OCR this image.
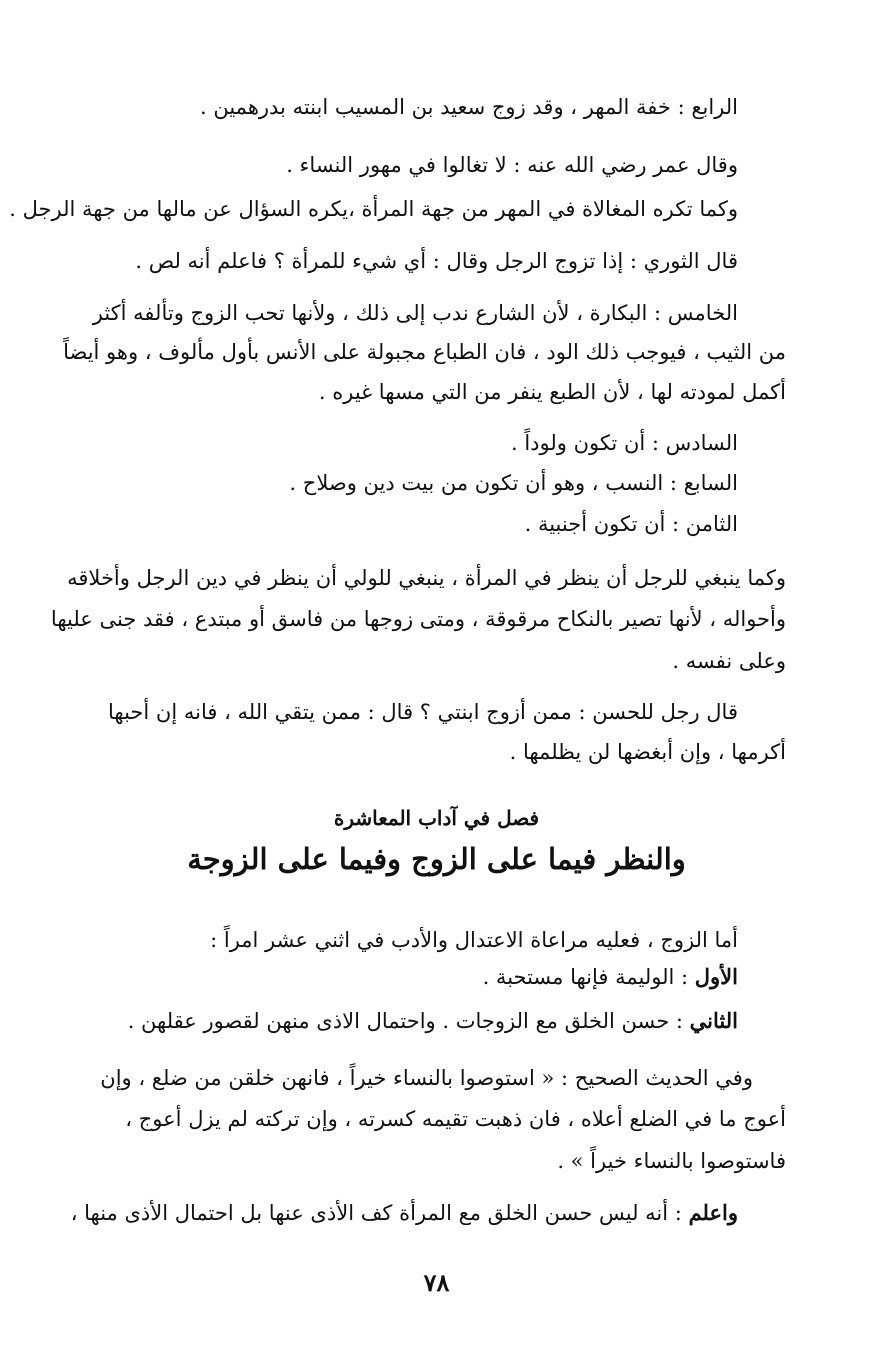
الرابع : خفة المهر ، وقد زوج سعيد بن المسيب ابنته بدرهمين .
وقال عمر رضي الله عنه : لا تغالوا في مهور النساء .
وكما تكره المغالاة في المهر من جهة المرأة ،يكره السؤال عن مالها من جهة الرجل .
قال الثوري : إذا تزوج الرجل وقال : أي شيء للمرأة ؟ فاعلم أنه لص .
الخامس : البكارة ، لأن الشارع ندب إلى ذلك ، ولأنها تحب الزوج وتألفه أكثر
من الثيب ، فيوجب ذلك الود ، فان الطباع مجبولة على الأنس بأول مألوف ، وهو أيضاً
أكمل لمودته لها ، لأن الطبع ينفر من التي مسها غيره .
السادس : أن تكون ولوداً .
السابع : النسب ، وهو أن تكون من بيت دين وصلاح .
الثامن : أن تكون أجنبية .
وكما ينبغي للرجل أن ينظر في المرأة ، ينبغي للولي أن ينظر في دين الرجل وأخلاقه
وأحواله ، لأنها تصير بالنكاح مرقوقة ، ومتى زوجها من فاسق أو مبتدع ، فقد جنى عليها
وعلى نفسه .
قال رجل للحسن : ممن أزوج ابنتي ؟ قال : ممن يتقي الله ، فانه إن أحبها
أكرمها ، وإن أبغضها لن يظلمها .
فصل في آداب المعاشرة
والنظر فيما على الزوج وفيما على الزوجة
أما الزوج ، فعليه مراعاة الاعتدال والأدب في اثني عشر امراً :
الأول : الوليمة فإنها مستحبة .
الثاني : حسن الخلق مع الزوجات . واحتمال الاذى منهن لقصور عقلهن .
وفي الحديث الصحيح : « استوصوا بالنساء خيراً ، فانهن خلقن من ضلع ، وإن
أعوج ما في الضلع أعلاه ، فان ذهبت تقيمه كسرته ، وإن تركته لم يزل أعوج ،
فاستوصوا بالنساء خيراً » .
واعلم : أنه ليس حسن الخلق مع المرأة كف الأذى عنها بل احتمال الأذى منها ،
٧٨
